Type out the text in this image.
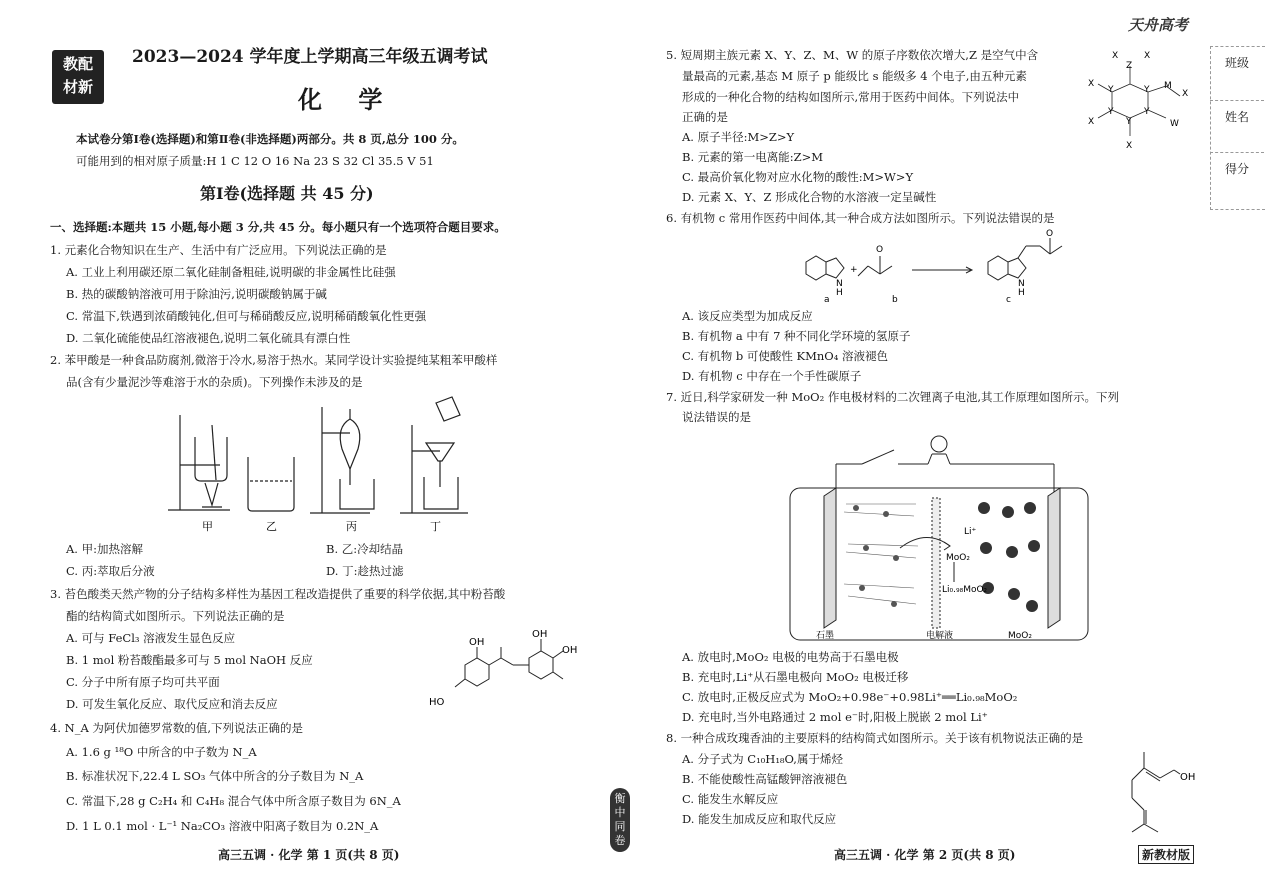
教配
材新
2023—2024 学年度上学期高三年级五调考试
化 学
本试卷分第Ⅰ卷(选择题)和第Ⅱ卷(非选择题)两部分。共 8 页,总分 100 分。
可能用到的相对原子质量:H 1 C 12 O 16 Na 23 S 32 Cl 35.5 V 51
第Ⅰ卷(选择题 共 45 分)
一、选择题:本题共 15 小题,每小题 3 分,共 45 分。每小题只有一个选项符合题目要求。
1. 元素化合物知识在生产、生活中有广泛应用。下列说法正确的是
A. 工业上利用碳还原二氧化硅制备粗硅,说明碳的非金属性比硅强
B. 热的碳酸钠溶液可用于除油污,说明碳酸钠属于碱
C. 常温下,铁遇到浓硝酸钝化,但可与稀硝酸反应,说明稀硝酸氧化性更强
D. 二氧化硫能使品红溶液褪色,说明二氧化硫具有漂白性
2. 苯甲酸是一种食品防腐剂,微溶于冷水,易溶于热水。某同学设计实验提纯某粗苯甲酸样
品(含有少量泥沙等难溶于水的杂质)。下列操作未涉及的是
甲	乙	丙	丁
A. 甲:加热溶解	B. 乙:冷却结晶
C. 丙:萃取后分液	D. 丁:趁热过滤
3. 苔色酸类天然产物的分子结构多样性为基因工程改造提供了重要的科学依据,其中粉苔酸
酯的结构简式如图所示。下列说法正确的是
A. 可与 FeCl₃ 溶液发生显色反应
B. 1 mol 粉苔酸酯最多可与 5 mol NaOH 反应
C. 分子中所有原子均可共平面
D. 可发生氧化反应、取代反应和消去反应
OH
OH
OH
HO
4. N_A 为阿伏加德罗常数的值,下列说法正确的是
A. 1.6 g ¹⁸O 中所含的中子数为 N_A
B. 标准状况下,22.4 L SO₃ 气体中所含的分子数目为 N_A
C. 常温下,28 g C₂H₄ 和 C₄H₈ 混合气体中所含原子数目为 6N_A
D. 1 L 0.1 mol · L⁻¹ Na₂CO₃ 溶液中阳离子数目为 0.2N_A
高三五调 · 化学 第 1 页(共 8 页)
衡
中
同
卷
天舟高考
班级
姓名
得分
5. 短周期主族元素 X、Y、Z、M、W 的原子序数依次增大,Z 是空气中含
量最高的元素,基态 M 原子 p 能级比 s 能级多 4 个电子,由五种元素
形成的一种化合物的结构如图所示,常用于医药中间体。下列说法中
正确的是
A. 原子半径:M>Z>Y
B. 元素的第一电离能:Z>M
C. 最高价氧化物对应水化物的酸性:M>W>Y
D. 元素 X、Y、Z 形成化合物的水溶液一定呈碱性
X	X
Z
X
Y	Y M
X
X
Y
Y
Y
W
X
6. 有机物 c 常用作医药中间体,其一种合成方法如图所示。下列说法错误的是
N
H
N
H
O
O
+
a	b	c
A. 该反应类型为加成反应
B. 有机物 a 中有 7 种不同化学环境的氢原子
C. 有机物 b 可使酸性 KMnO₄ 溶液褪色
D. 有机物 c 中存在一个手性碳原子
7. 近日,科学家研发一种 MoO₂ 作电极材料的二次锂离子电池,其工作原理如图所示。下列
说法错误的是
Li⁺
MoO₂
Li₀.₉₈MoO₂
石墨	电解液	MoO₂
A. 放电时,MoO₂ 电极的电势高于石墨电极
B. 充电时,Li⁺从石墨电极向 MoO₂ 电极迁移
C. 放电时,正极反应式为 MoO₂+0.98e⁻+0.98Li⁺══Li₀.₉₈MoO₂
D. 充电时,当外电路通过 2 mol e⁻时,阳极上脱嵌 2 mol Li⁺
8. 一种合成玫瑰香油的主要原料的结构简式如图所示。关于该有机物说法正确的是
A. 分子式为 C₁₀H₁₈O,属于烯烃
B. 不能使酸性高锰酸钾溶液褪色
C. 能发生水解反应
D. 能发生加成反应和取代反应
OH
高三五调 · 化学 第 2 页(共 8 页)	新教材版
